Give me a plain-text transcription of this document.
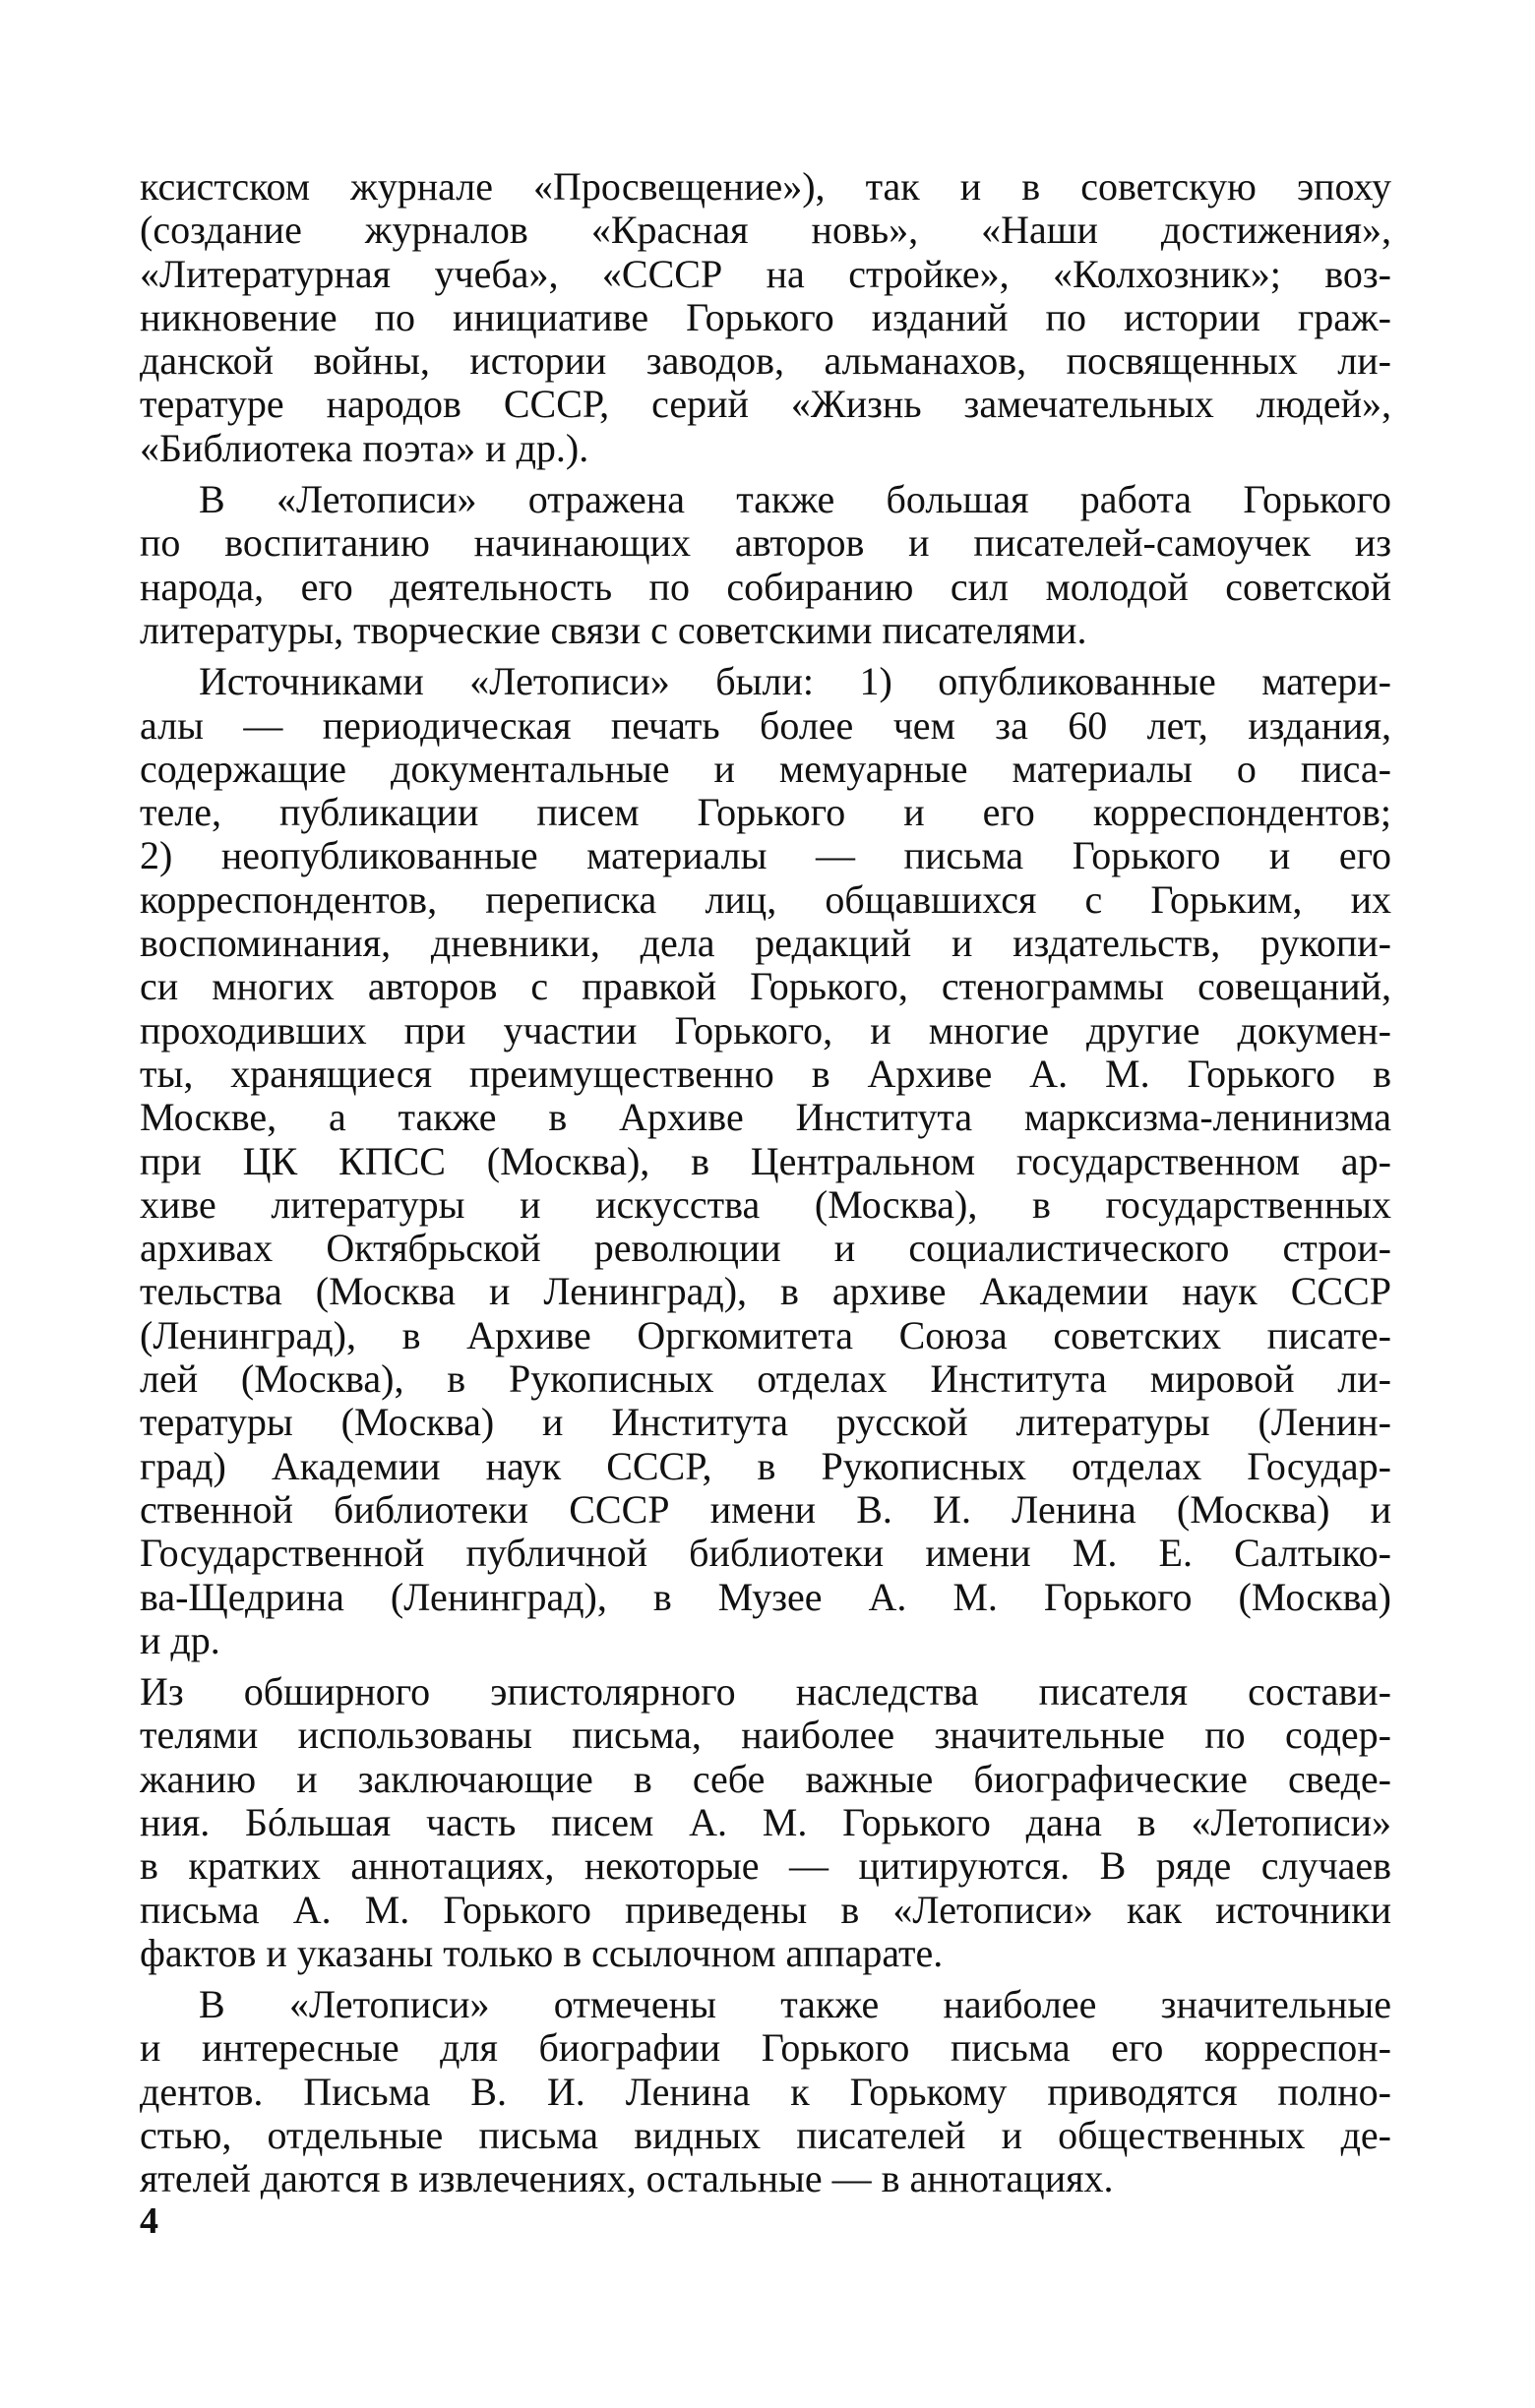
ксистском журнале «Просвещение»), так и в советскую эпоху
(создание журналов «Красная новь», «Наши достижения»,
«Литературная учеба», «СССР на стройке», «Колхозник»; воз-
никновение по инициативе Горького изданий по истории граж-
данской войны, истории заводов, альманахов, посвященных ли-
тературе народов СССР, серий «Жизнь замечательных людей»,
«Библиотека поэта» и др.).
В «Летописи» отражена также большая работа Горького
по воспитанию начинающих авторов и писателей-самоучек из
народа, его деятельность по собиранию сил молодой советской
литературы, творческие связи с советскими писателями.
Источниками «Летописи» были: 1) опубликованные матери-
алы — периодическая печать более чем за 60 лет, издания,
содержащие документальные и мемуарные материалы о писа-
теле, публикации писем Горького и его корреспондентов;
2) неопубликованные материалы — письма Горького и его
корреспондентов, переписка лиц, общавшихся с Горьким, их
воспоминания, дневники, дела редакций и издательств, рукопи-
си многих авторов с правкой Горького, стенограммы совещаний,
проходивших при участии Горького, и многие другие докумен-
ты, хранящиеся преимущественно в Архиве А. М. Горького в
Москве, а также в Архиве Института марксизма-ленинизма
при ЦК КПСС (Москва), в Центральном государственном ар-
хиве литературы и искусства (Москва), в государственных
архивах Октябрьской революции и социалистического строи-
тельства (Москва и Ленинград), в архиве Академии наук СССР
(Ленинград), в Архиве Оргкомитета Союза советских писате-
лей (Москва), в Рукописных отделах Института мировой ли-
тературы (Москва) и Института русской литературы (Ленин-
град) Академии наук СССР, в Рукописных отделах Государ-
ственной библиотеки СССР имени В. И. Ленина (Москва) и
Государственной публичной библиотеки имени М. Е. Салтыко-
ва-Щедрина (Ленинград), в Музее А. М. Горького (Москва)
и др.
Из обширного эпистолярного наследства писателя состави-
телями использованы письма, наиболее значительные по содер-
жанию и заключающие в себе важные биографические сведе-
ния. Бóльшая часть писем А. М. Горького дана в «Летописи»
в кратких аннотациях, некоторые — цитируются. В ряде случаев
письма А. М. Горького приведены в «Летописи» как источники
фактов и указаны только в ссылочном аппарате.
В «Летописи» отмечены также наиболее значительные
и интересные для биографии Горького письма его корреспон-
дентов. Письма В. И. Ленина к Горькому приводятся полно-
стью, отдельные письма видных писателей и общественных де-
ятелей даются в извлечениях, остальные — в аннотациях.
4
